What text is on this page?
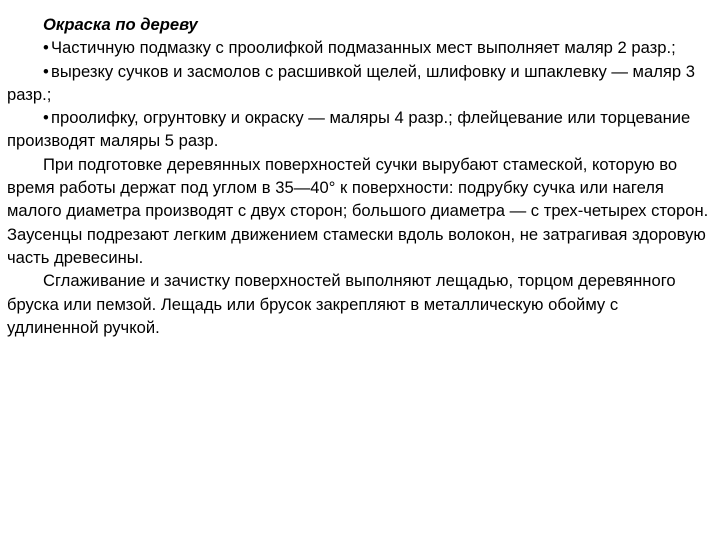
Окраска по дереву

• Частичную подмазку с проолифкой подмазанных мест выполняет маляр 2 разр.;

• вырезку сучков и засмолов с расшивкой щелей, шлифовку и шпаклевку — маляр 3 разр.;

• проолифку, огрунтовку и окраску — маляры 4 разр.; флейцевание или торцевание производят маляры 5 разр.

При подготовке деревянных поверхностей сучки вырубают стамеской, которую во время работы держат под углом в 35—40° к поверхности: подрубку сучка или нагеля малого диаметра производят с двух сторон; большого диаметра — с трех-четырех сторон. Заусенцы подрезают легким движением стамески вдоль волокон, не затрагивая здоровую часть древесины.

Сглаживание и зачистку поверхностей выполняют лещадью, торцом деревянного бруска или пемзой. Лещадь или брусок закрепляют в металлическую обойму с удлиненной ручкой.
